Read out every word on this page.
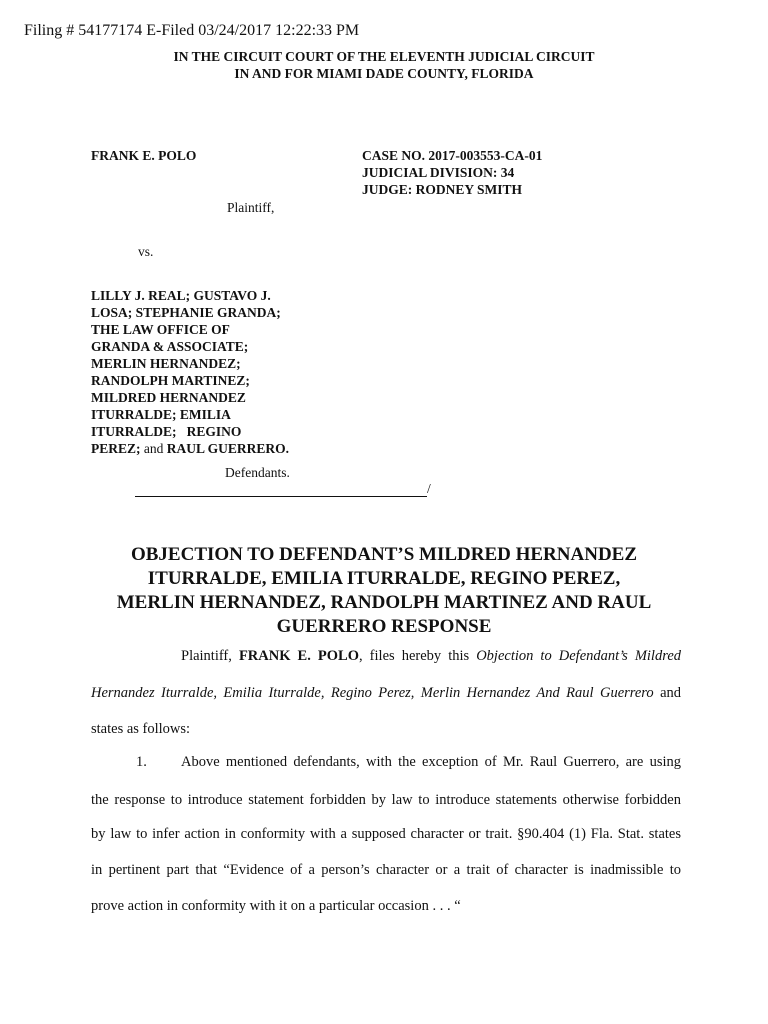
Filing # 54177174 E-Filed 03/24/2017 12:22:33 PM
IN THE CIRCUIT COURT OF THE ELEVENTH JUDICIAL CIRCUIT
IN AND FOR MIAMI DADE COUNTY, FLORIDA
FRANK E. POLO	CASE NO. 2017-003553-CA-01
JUDICIAL DIVISION: 34
JUDGE: RODNEY SMITH
Plaintiff,
vs.
LILLY J. REAL; GUSTAVO J.
LOSA; STEPHANIE GRANDA;
THE LAW OFFICE OF
GRANDA & ASSOCIATE;
MERLIN HERNANDEZ;
RANDOLPH MARTINEZ;
MILDRED HERNANDEZ
ITURRALDE; EMILIA
ITURRALDE;   REGINO
PEREZ; and RAUL GUERRERO.
Defendants.
/
OBJECTION TO DEFENDANT’S MILDRED HERNANDEZ
ITURRALDE, EMILIA ITURRALDE, REGINO PEREZ,
MERLIN HERNANDEZ, RANDOLPH MARTINEZ AND RAUL
GUERRERO RESPONSE
Plaintiff, FRANK E. POLO, files hereby this Objection to Defendant’s Mildred
Hernandez Iturralde, Emilia Iturralde, Regino Perez, Merlin Hernandez And Raul Guerrero and
states as follows:
1.	Above mentioned defendants, with the exception of Mr. Raul Guerrero, are using
the response to introduce statement forbidden by law to introduce statements otherwise forbidden
by law to infer action in conformity with a supposed character or trait. §90.404 (1) Fla. Stat. states
in pertinent part that “Evidence of a person’s character or a trait of character is inadmissible to
prove action in conformity with it on a particular occasion . . . “
